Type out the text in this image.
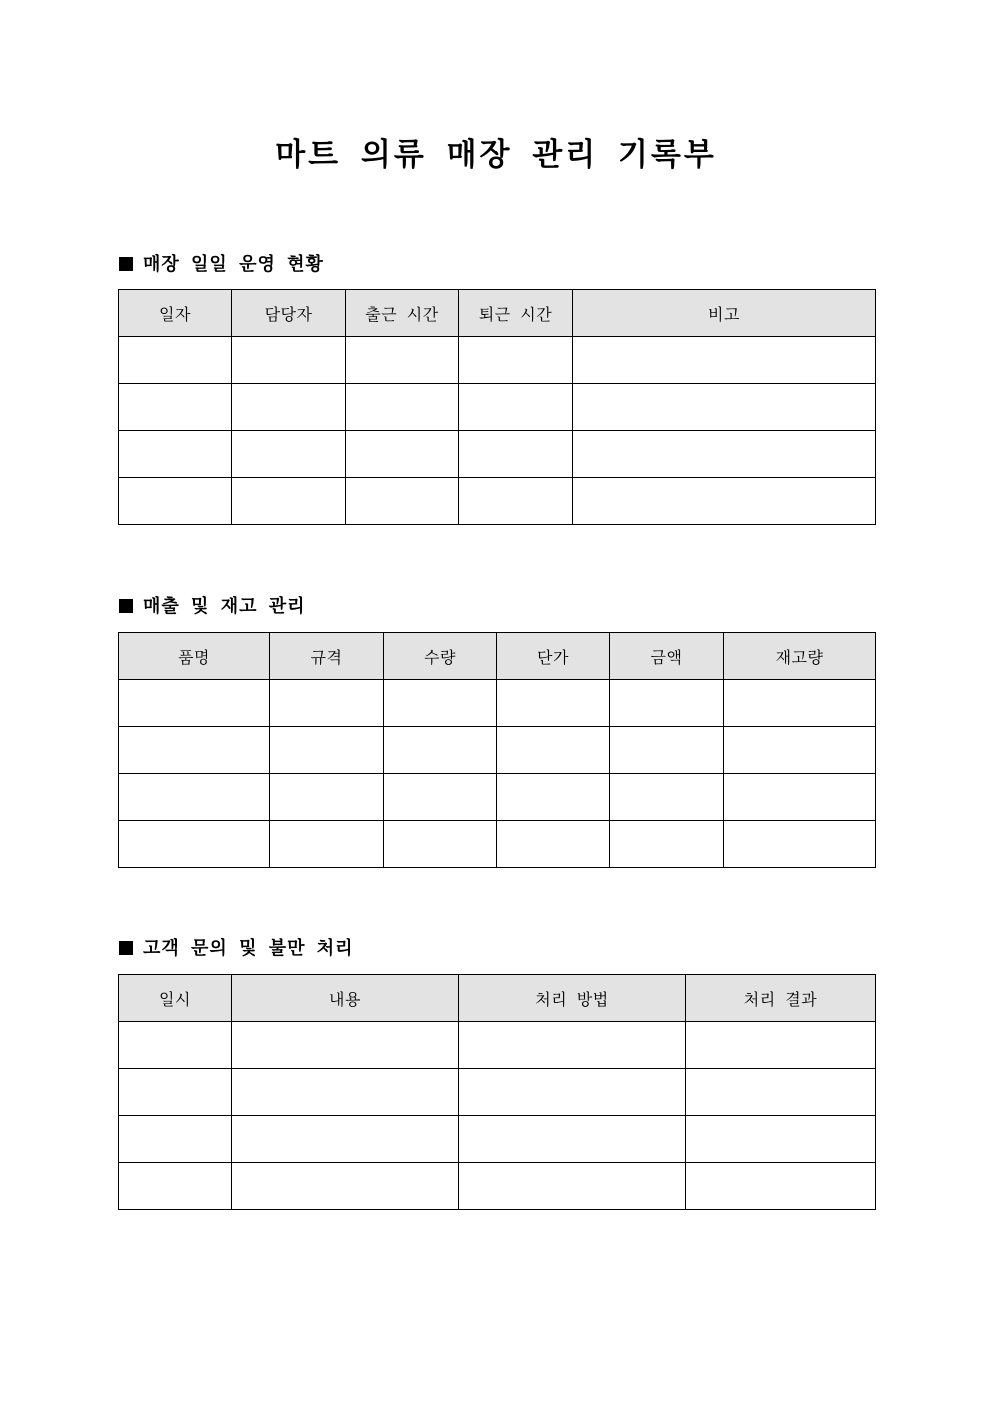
마트 의류 매장 관리 기록부
매장 일일 운영 현황
일자	담당자	출근 시간	퇴근 시간	비고

매출 및 재고 관리
품명	규격	수량	단가	금액	재고량

고객 문의 및 불만 처리
일시	내용	처리 방법	처리 결과
